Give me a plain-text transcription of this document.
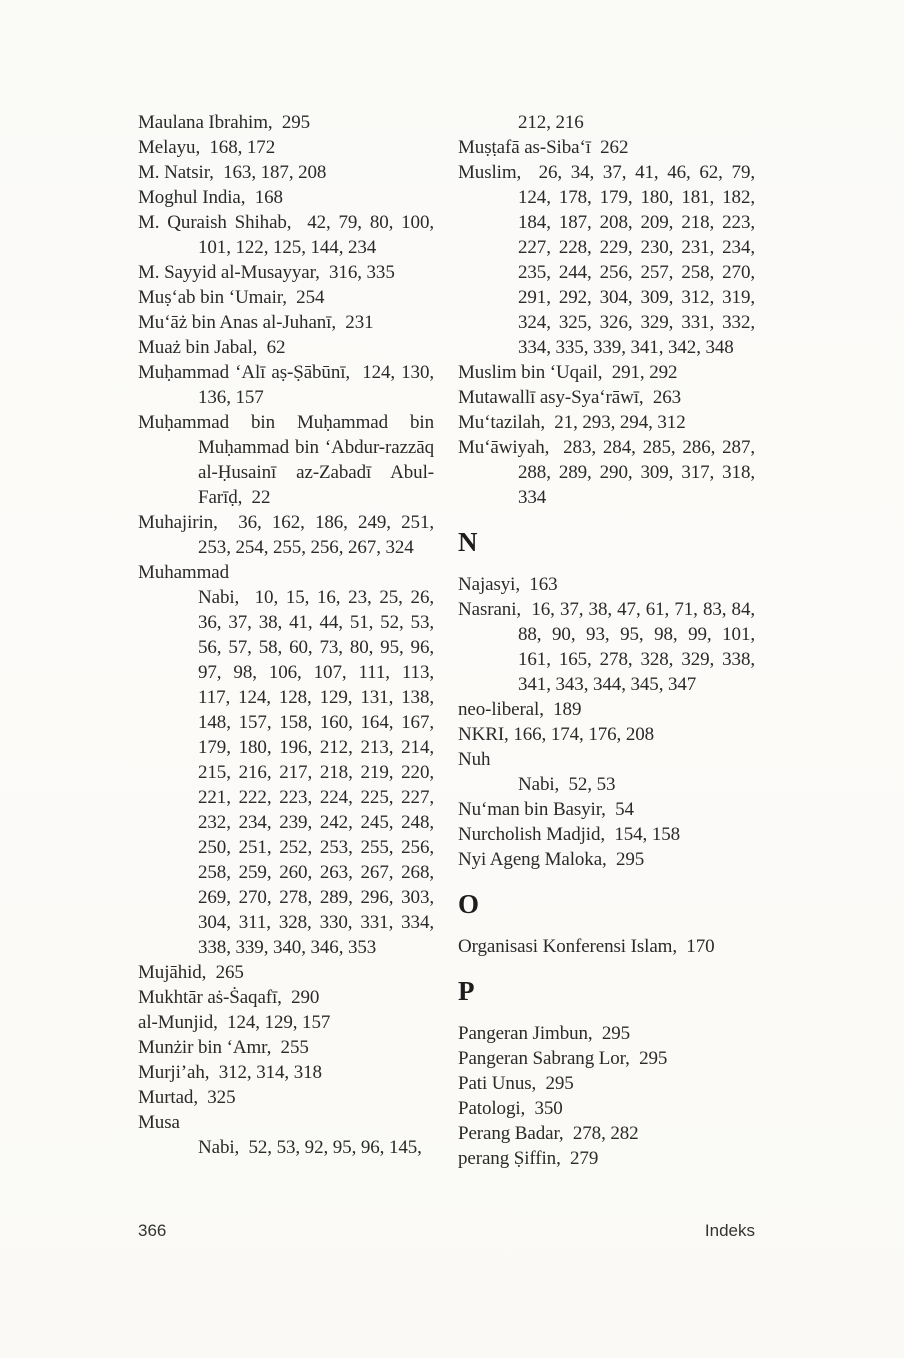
Maulana Ibrahim,  295
Melayu,  168, 172
M. Natsir,  163, 187, 208
Moghul India,  168
M. Quraish Shihab,  42, 79, 80, 100, 101, 122, 125, 144, 234
M. Sayyid al-Musayyar,  316, 335
Muṣ‘ab bin ‘Umair,  254
Mu‘āż bin Anas al-Juhanī,  231
Muaż bin Jabal,  62
Muḥammad ‘Alī aṣ-Ṣābūnī,  124, 130, 136, 157
Muḥammad bin Muḥammad bin Muḥammad bin ‘Abdur-razzāq al-Ḥusainī az-Zabadī Abul-Farīḍ,  22
Muhajirin,  36, 162, 186, 249, 251, 253, 254, 255, 256, 267, 324
Muhammad
Nabi,  10, 15, 16, 23, 25, 26, 36, 37, 38, 41, 44, 51, 52, 53, 56, 57, 58, 60, 73, 80, 95, 96, 97, 98, 106, 107, 111, 113, 117, 124, 128, 129, 131, 138, 148, 157, 158, 160, 164, 167, 179, 180, 196, 212, 213, 214, 215, 216, 217, 218, 219, 220, 221, 222, 223, 224, 225, 227, 232, 234, 239, 242, 245, 248, 250, 251, 252, 253, 255, 256, 258, 259, 260, 263, 267, 268, 269, 270, 278, 289, 296, 303, 304, 311, 328, 330, 331, 334, 338, 339, 340, 346, 353
Mujāhid,  265
Mukhtār aṡ-Ṡaqafī,  290
al-Munjid,  124, 129, 157
Munżir bin ‘Amr,  255
Murji’ah,  312, 314, 318
Murtad,  325
Musa
Nabi,  52, 53, 92, 95, 96, 145,
212, 216
Muṣṭafā as-Siba‘ī  262
Muslim,  26, 34, 37, 41, 46, 62, 79, 124, 178, 179, 180, 181, 182, 184, 187, 208, 209, 218, 223, 227, 228, 229, 230, 231, 234, 235, 244, 256, 257, 258, 270, 291, 292, 304, 309, 312, 319, 324, 325, 326, 329, 331, 332, 334, 335, 339, 341, 342, 348
Muslim bin ‘Uqail,  291, 292
Mutawallī asy-Sya‘rāwī,  263
Mu‘tazilah,  21, 293, 294, 312
Mu‘āwiyah,  283, 284, 285, 286, 287, 288, 289, 290, 309, 317, 318, 334
N
Najasyi,  163
Nasrani,  16, 37, 38, 47, 61, 71, 83, 84, 88, 90, 93, 95, 98, 99, 101, 161, 165, 278, 328, 329, 338, 341, 343, 344, 345, 347
neo-liberal,  189
NKRI, 166, 174, 176, 208
Nuh
Nabi,  52, 53
Nu‘man bin Basyir,  54
Nurcholish Madjid,  154, 158
Nyi Ageng Maloka,  295
O
Organisasi Konferensi Islam,  170
P
Pangeran Jimbun,  295
Pangeran Sabrang Lor,  295
Pati Unus,  295
Patologi,  350
Perang Badar,  278, 282
perang Ṣiffin,  279
366	Indeks
